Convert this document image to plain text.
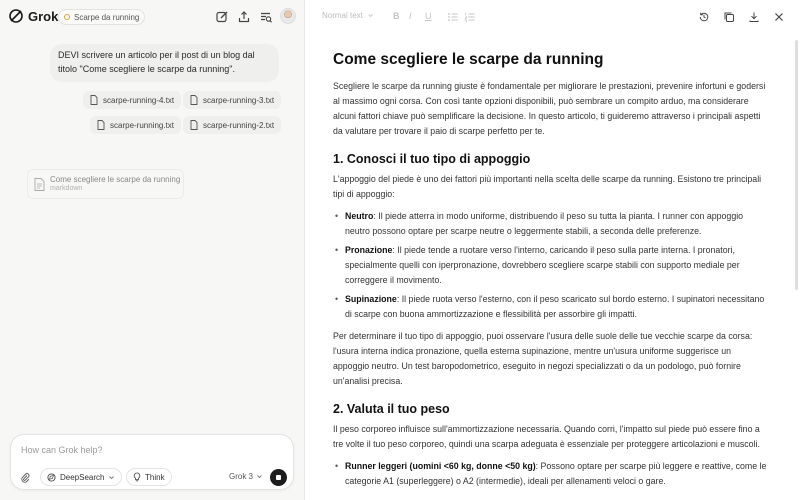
Grok Scarpe da running
DEVI scrivere un articolo per il post di un blog dal titolo "Come scegliere le scarpe da running".
scarpe-running-4.txt	scarpe-running-3.txt
scarpe-running.txt	scarpe-running-2.txt
Come scegliere le scarpe da running
markdown
How can Grok help?
DeepSearch	Think	Grok 3
Normal text	B I U
Come scegliere le scarpe da running

Scegliere le scarpe da running giuste è fondamentale per migliorare le prestazioni, prevenire infortuni e godersi al massimo ogni corsa. Con così tante opzioni disponibili, può sembrare un compito arduo, ma considerare alcuni fattori chiave può semplificare la decisione. In questo articolo, ti guideremo attraverso i principali aspetti da valutare per trovare il paio di scarpe perfetto per te.

1. Conosci il tuo tipo di appoggio

L'appoggio del piede è uno dei fattori più importanti nella scelta delle scarpe da running. Esistono tre principali tipi di appoggio:

• Neutro: Il piede atterra in modo uniforme, distribuendo il peso su tutta la pianta. I runner con appoggio neutro possono optare per scarpe neutre o leggermente stabili, a seconda delle preferenze.
• Pronazione: Il piede tende a ruotare verso l'interno, caricando il peso sulla parte interna. I pronatori, specialmente quelli con iperpronazione, dovrebbero scegliere scarpe stabili con supporto mediale per correggere il movimento.
• Supinazione: Il piede ruota verso l'esterno, con il peso scaricato sul bordo esterno. I supinatori necessitano di scarpe con buona ammortizzazione e flessibilità per assorbire gli impatti.

Per determinare il tuo tipo di appoggio, puoi osservare l'usura delle suole delle tue vecchie scarpe da corsa: l'usura interna indica pronazione, quella esterna supinazione, mentre un'usura uniforme suggerisce un appoggio neutro. Un test baropodometrico, eseguito in negozi specializzati o da un podologo, può fornire un'analisi precisa.

2. Valuta il tuo peso

Il peso corporeo influisce sull'ammortizzazione necessaria. Quando corri, l'impatto sul piede può essere fino a tre volte il tuo peso corporeo, quindi una scarpa adeguata è essenziale per proteggere articolazioni e muscoli.

• Runner leggeri (uomini <60 kg, donne <50 kg): Possono optare per scarpe più leggere e reattive, come le categorie A1 (superleggere) o A2 (intermedie), ideali per allenamenti veloci o gare.
